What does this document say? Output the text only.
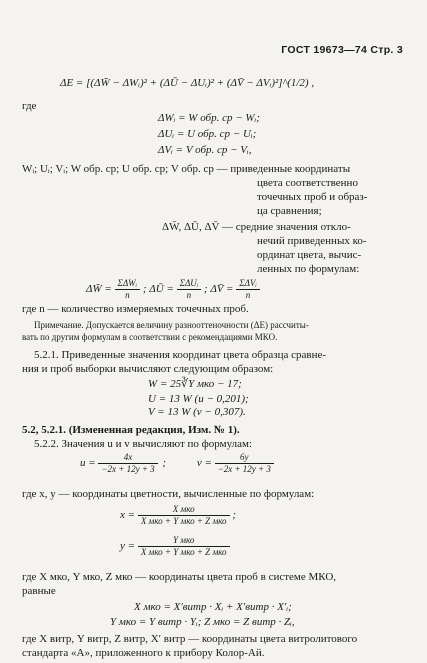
ГОСТ 19673—74 Стр. 3
ΔE = [(ΔW̄ − ΔWᵢ)² + (ΔŪ − ΔUᵢ)² + (ΔV̄ − ΔVᵢ)²]^(1/2) ,
где
ΔWᵢ = W обр. ср − Wᵢ;
ΔUᵢ = U обр. ср − Uᵢ;
ΔVᵢ = V обр. ср − Vᵢ,
Wᵢ; Uᵢ; Vᵢ; W обр. ср; U обр. ср; V обр. ср — приведенные координаты
цвета соответственно
точечных проб и образ-
ца сравнения;
ΔW̄, ΔŪ, ΔV̄ — средние значения откло-
нечий приведенных ко-
ординат цвета, вычис-
ленных по формулам:
ΔW̄ = $\frac{\text{ΣΔWᵢ}}{n}$ ; ΔŪ = $\frac{\text{ΣΔUᵢ}}{n}$ ; ΔV̄ = $\frac{\text{ΣΔVᵢ}}{n}$
где n — количество измеряемых точечных проб.
Примечание. Допускается величину разнооттеночности (ΔE) рассчиты-
вать по другим формулам в соответствии с рекомендациями МКО.
5.2.1. Приведенные значения координат цвета образца сравне-
ния и проб выборки вычисляют следующим образом:
W = 25∛Y мко − 17;
U = 13 W (u − 0,201);
V = 13 W (v − 0,307).
5.2, 5.2.1. (Измененная редакция, Изм. № 1).
5.2.2. Значения u и v вычисляют по формулам:
$u = \frac{4x}{-2x + 12y + 3}$ ;	$v = \frac{6y}{-2x + 12y + 3}$
где x, y — координаты цветности, вычисленные по формулам:
$x = \frac{\text{X мко}}{\text{X мко + Y мко + Z мко}}$ ;
$y = \frac{\text{Y мко}}{\text{X мко + Y мко + Z мко}}$
где X мко, Y мко, Z мко — координаты цвета проб в системе МКО,
равные
X мко = X′витр · Xᵢ + X′витр · X′ᵢ;
Y мко = Y витр · Yᵢ; Z мко = Z витр · Zᵢ,
где X витр, Y витр, Z витр, X′ витр — координаты цвета витролитового
стандарта «А», приложенного к прибору Колор-Ай.
